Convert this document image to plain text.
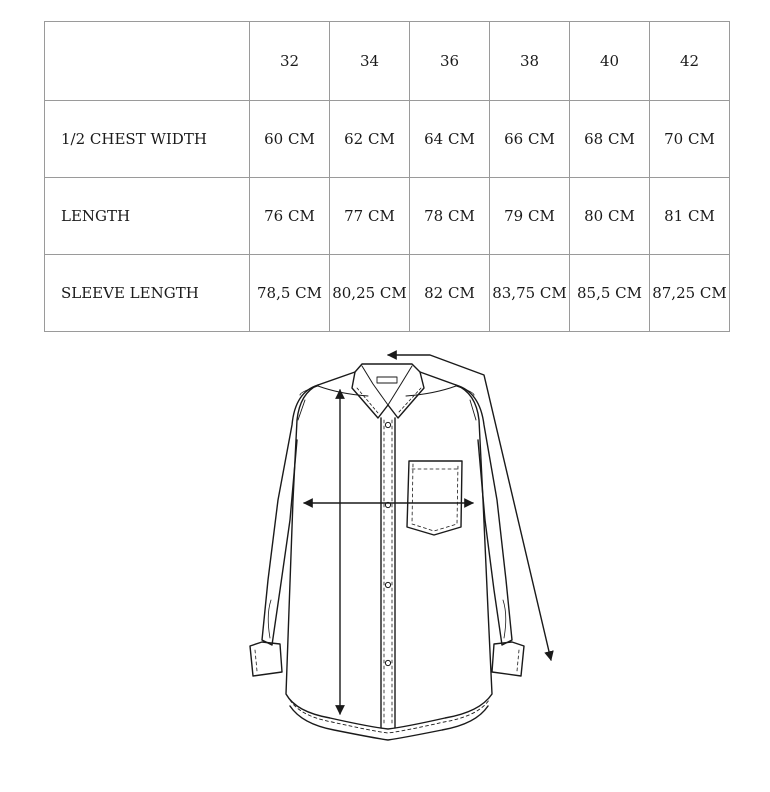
	32	34	36	38	40	42
1/2 CHEST WIDTH	60 CM	62 CM	64 CM	66 CM	68 CM	70 CM
LENGTH	76 CM	77 CM	78 CM	79 CM	80 CM	81 CM
SLEEVE LENGTH	78,5 CM	80,25 CM	82 CM	83,75 CM	85,5 CM	87,25 CM
